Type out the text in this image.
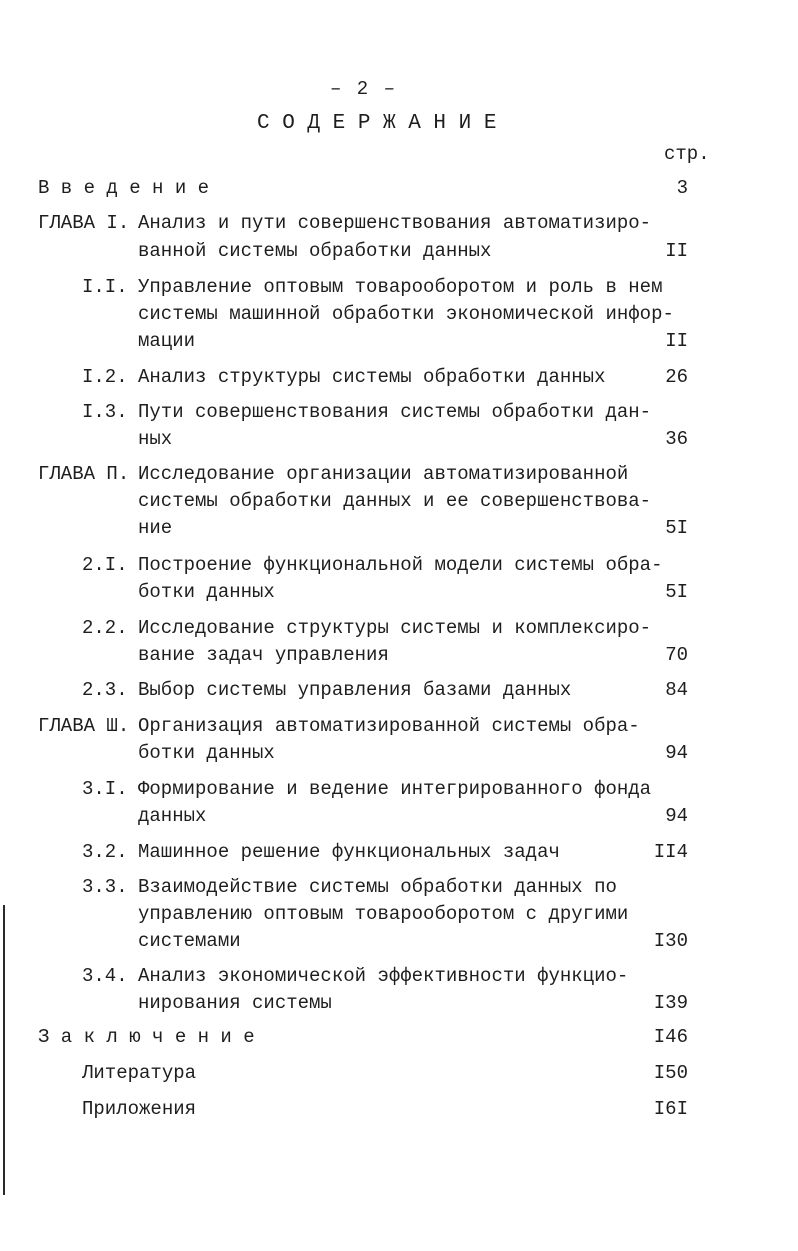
– 2 –
С О Д Е Р Ж А Н И Е
стр.
В в е д е н и е	3
ГЛАВА I. Анализ и пути совершенствования автоматизиро-
ванной системы обработки данных	II
I.I. Управление оптовым товарооборотом и роль в нем
системы машинной обработки экономической инфор-
мации	II
I.2. Анализ структуры системы обработки данных	26
I.3. Пути совершенствования системы обработки дан-
ных	36
ГЛАВА П. Исследование организации автоматизированной
системы обработки данных и ее совершенствова-
ние	5I
2.I. Построение функциональной модели системы обра-
ботки данных	5I
2.2. Исследование структуры системы и комплексиро-
вание задач управления	70
2.3. Выбор системы управления базами данных	84
ГЛАВА Ш. Организация автоматизированной системы обра-
ботки данных	94
3.I. Формирование и ведение интегрированного фонда
данных	94
3.2. Машинное решение функциональных задач	II4
3.3. Взаимодействие системы обработки данных по
управлению оптовым товарооборотом с другими
системами	I30
3.4. Анализ экономической эффективности функцио-
нирования системы	I39
З а к л ю ч е н и е	I46
Литература	I50
Приложения	I6I
